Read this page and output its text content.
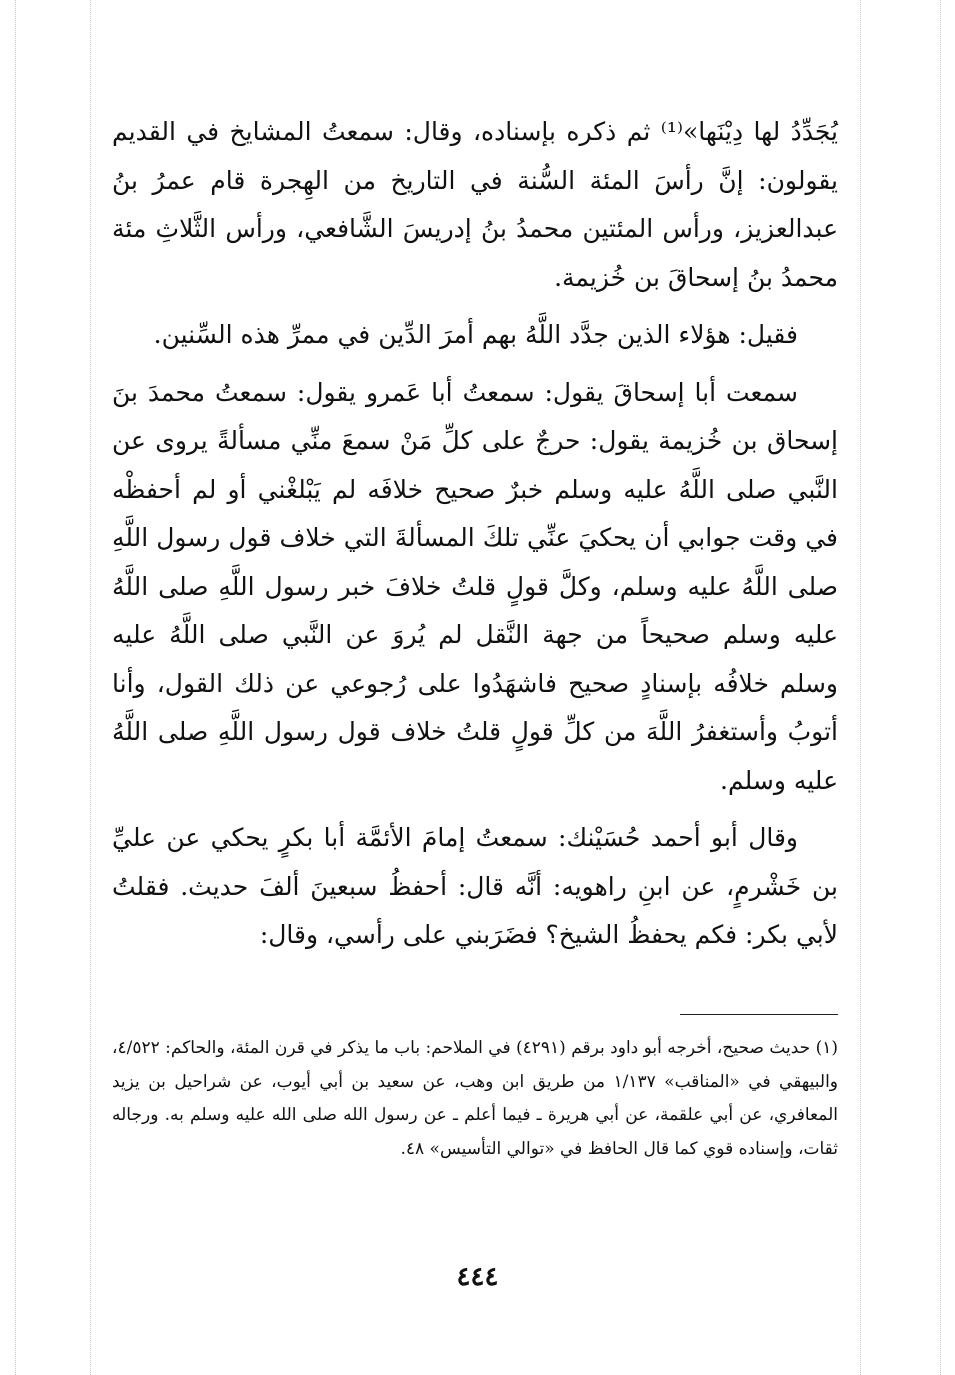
يُجَدِّدُ لها دِيْنَها»⁽¹⁾ ثم ذكره بإسناده، وقال: سمعتُ المشايخ في القديم يقولون: إنَّ رأسَ المئة السُّنة في التاريخ من الهِجرة قام عمرُ بنُ عبدالعزيز، ورأس المئتين محمدُ بنُ إدريسَ الشَّافعي، ورأس الثَّلاثِ مئة محمدُ بنُ إسحاقَ بن خُزيمة.

فقيل: هؤلاء الذين جدَّد اللَّهُ بهم أمرَ الدِّين في ممرِّ هذه السِّنين.

سمعت أبا إسحاقَ يقول: سمعتُ أبا عَمرو يقول: سمعتُ محمدَ بنَ إسحاق بن خُزيمة يقول: حرجٌ على كلِّ مَنْ سمعَ منِّي مسألةً يروى عن النَّبي صلى اللَّهُ عليه وسلم خبرٌ صحيح خلافَه لم يَبْلغْني أو لم أحفظْه في وقت جوابي أن يحكيَ عنِّي تلكَ المسألةَ التي خلاف قول رسول اللَّهِ صلى اللَّهُ عليه وسلم، وكلَّ قولٍ قلتُ خلافَ خبر رسول اللَّهِ صلى اللَّهُ عليه وسلم صحيحاً من جهة النَّقل لم يُروَ عن النَّبي صلى اللَّهُ عليه وسلم خلافُه بإسنادٍ صحيح فاشهَدُوا على رُجوعي عن ذلك القول، وأنا أتوبُ وأستغفرُ اللَّهَ من كلِّ قولٍ قلتُ خلاف قول رسول اللَّهِ صلى اللَّهُ عليه وسلم.

وقال أبو أحمد حُسَيْنك: سمعتُ إمامَ الأئمَّة أبا بكرٍ يحكي عن عليِّ بن خَشْرمٍ، عن ابنِ راهويه: أنَّه قال: أحفظُ سبعينَ ألفَ حديث. فقلتُ لأبي بكر: فكم يحفظُ الشيخ؟ فضَرَبني على رأسي، وقال:

(١) حديث صحيح، أخرجه أبو داود برقم (٤٢٩١) في الملاحم: باب ما يذكر في قرن المئة، والحاكم: ٤/٥٢٢، والبيهقي في «المناقب» ١/١٣٧ من طريق ابن وهب، عن سعيد بن أبي أيوب، عن شراحيل بن يزيد المعافري، عن أبي علقمة، عن أبي هريرة ـ فيما أعلم ـ عن رسول الله صلى الله عليه وسلم به. ورجاله ثقات، وإسناده قوي كما قال الحافظ في «توالي التأسيس» ٤٨.

٤٤٤
